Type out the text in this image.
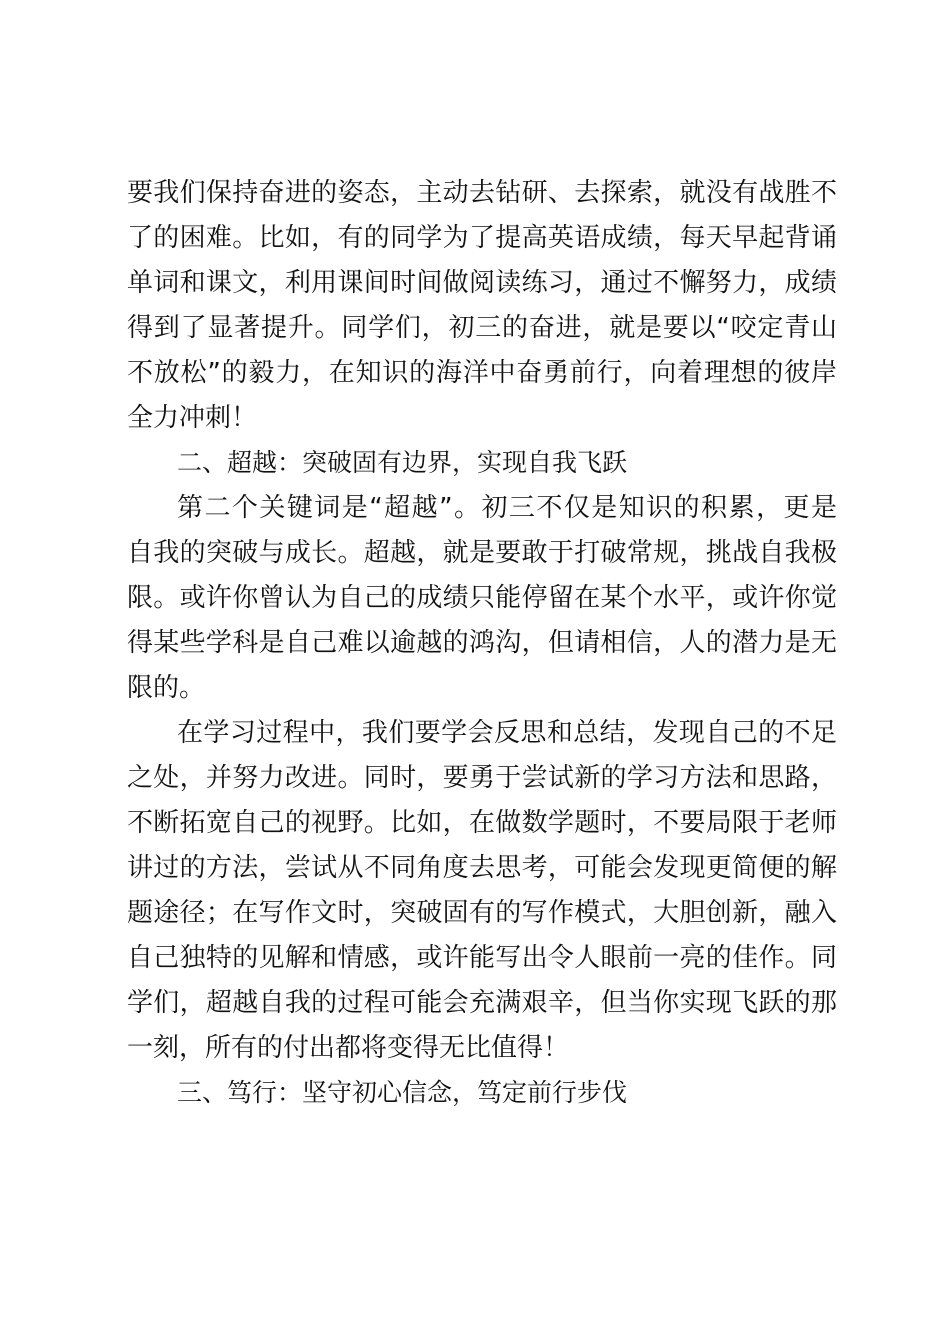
要我们保持奋进的姿态，主动去钻研、去探索，就没有战胜不
了的困难。比如，有的同学为了提高英语成绩，每天早起背诵
单词和课文，利用课间时间做阅读练习，通过不懈努力，成绩
得到了显著提升。同学们，初三的奋进，就是要以“咬定青山
不放松”的毅力，在知识的海洋中奋勇前行，向着理想的彼岸
全力冲刺！
二、超越：突破固有边界，实现自我飞跃
第二个关键词是“超越”。初三不仅是知识的积累，更是
自我的突破与成长。超越，就是要敢于打破常规，挑战自我极
限。或许你曾认为自己的成绩只能停留在某个水平，或许你觉
得某些学科是自己难以逾越的鸿沟，但请相信，人的潜力是无
限的。
在学习过程中，我们要学会反思和总结，发现自己的不足
之处，并努力改进。同时，要勇于尝试新的学习方法和思路，
不断拓宽自己的视野。比如，在做数学题时，不要局限于老师
讲过的方法，尝试从不同角度去思考，可能会发现更简便的解
题途径；在写作文时，突破固有的写作模式，大胆创新，融入
自己独特的见解和情感，或许能写出令人眼前一亮的佳作。同
学们，超越自我的过程可能会充满艰辛，但当你实现飞跃的那
一刻，所有的付出都将变得无比值得！
三、笃行：坚守初心信念，笃定前行步伐
